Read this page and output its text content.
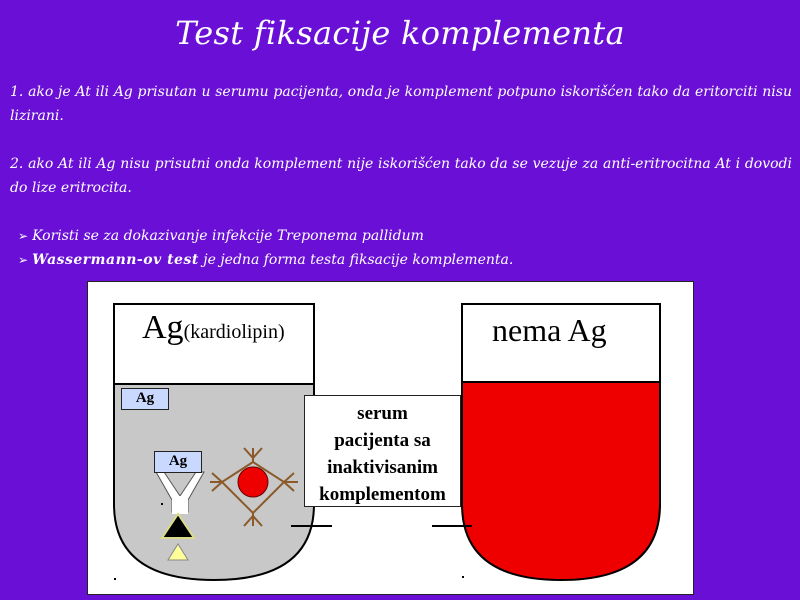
Test fiksacije komplementa
1. ako je At ili Ag prisutan u serumu pacijenta, onda je komplement potpuno iskorišćen tako da eritorciti nisu lizirani.
2. ako At ili Ag nisu prisutni onda komplement nije iskorišćen tako da se vezuje za anti-eritrocitna At i dovodi do lize eritrocita.
➢ Koristi se za dokazivanje infekcije Treponema pallidum
➢ Wassermann-ov test je jedna forma testa fiksacije komplementa.
Ag(kardiolipin)	nema Ag
Ag
Ag
serum
pacijenta sa
inaktivisanim
komplementom
